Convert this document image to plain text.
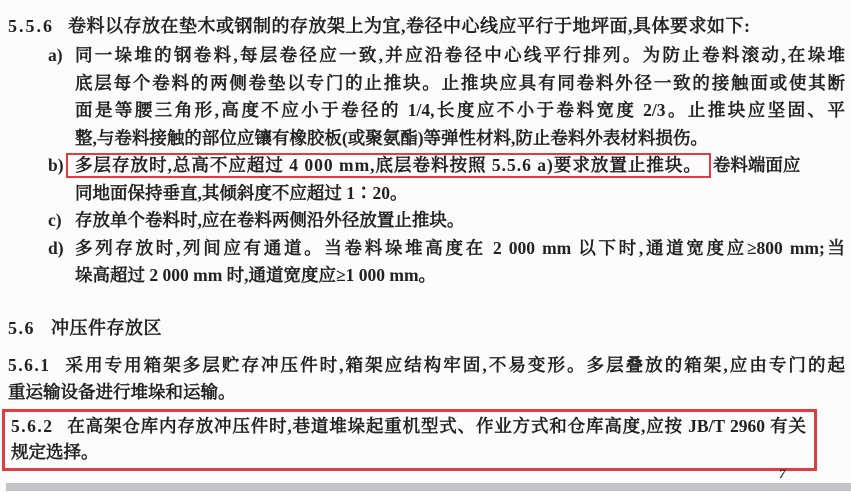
5.5.6 卷料以存放在垫木或钢制的存放架上为宜,卷径中心线应平行于地坪面,具体要求如下:
a) 同一垛堆的钢卷料,每层卷径应一致,并应沿卷径中心线平行排列。为防止卷料滚动,在垛堆
底层每个卷料的两侧卷垫以专门的止推块。止推块应具有同卷料外径一致的接触面或使其断
面是等腰三角形,高度不应小于卷径的 1/4,长度应不小于卷料宽度 2/3。止推块应坚固、平
整,与卷料接触的部位应镶有橡胶板(或聚氨酯)等弹性材料,防止卷料外表材料损伤。
b) 多层存放时,总高不应超过 4 000 mm,底层卷料按照 5.5.6 a)要求放置止推块。 卷料端面应
同地面保持垂直,其倾斜度不应超过 1∶20。
c) 存放单个卷料时,应在卷料两侧沿外径放置止推块。
d) 多列存放时,列间应有通道。当卷料垛堆高度在 2 000 mm 以下时,通道宽度应≥800 mm;当
垛高超过 2 000 mm 时,通道宽度应≥1 000 mm。
5.6 冲压件存放区
5.6.1 采用专用箱架多层贮存冲压件时,箱架应结构牢固,不易变形。多层叠放的箱架,应由专门的起
重运输设备进行堆垛和运输。
5.6.2 在高架仓库内存放冲压件时,巷道堆垛起重机型式、作业方式和仓库高度,应按 JB/T 2960 有关
规定选择。
7
